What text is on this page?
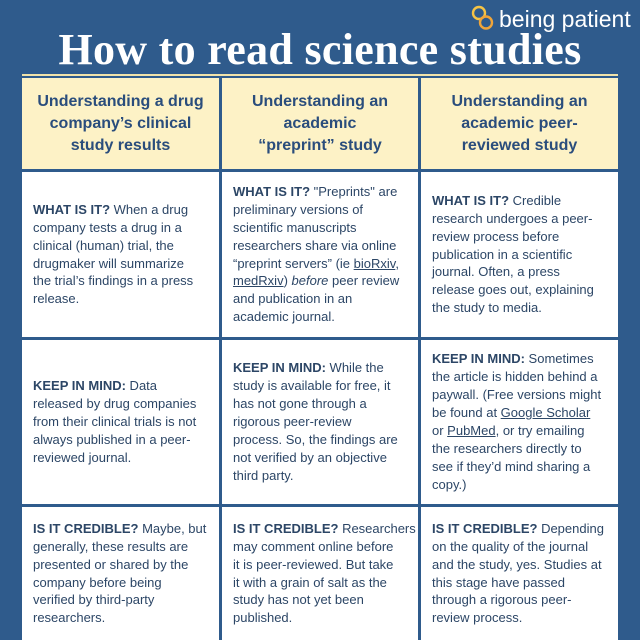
being patient
How to read science studies

Understanding a drug
company’s clinical
study results

Understanding an
academic
“preprint” study

Understanding an
academic peer-
reviewed study

WHAT IS IT? When a drug
company tests a drug in a
clinical (human) trial, the
drugmaker will summarize
the trial’s findings in a press
release.

WHAT IS IT? "Preprints" are
preliminary versions of
scientific manuscripts
researchers share via online
“preprint servers” (ie bioRxiv,
medRxiv) before peer review
and publication in an
academic journal.

WHAT IS IT? Credible
research undergoes a peer-
review process before
publication in a scientific
journal. Often, a press
release goes out, explaining
the study to media.

KEEP IN MIND: Data
released by drug companies
from their clinical trials is not
always published in a peer-
reviewed journal.

KEEP IN MIND: While the
study is available for free, it
has not gone through a
rigorous peer-review
process. So, the findings are
not verified by an objective
third party.

KEEP IN MIND: Sometimes
the article is hidden behind a
paywall. (Free versions might
be found at Google Scholar
or PubMed, or try emailing
the researchers directly to
see if they’d mind sharing a
copy.)

IS IT CREDIBLE? Maybe, but
generally, these results are
presented or shared by the
company before being
verified by third-party
researchers.

IS IT CREDIBLE? Researchers
may comment online before
it is peer-reviewed. But take
it with a grain of salt as the
study has not yet been
published.

IS IT CREDIBLE? Depending
on the quality of the journal
and the study, yes. Studies at
this stage have passed
through a rigorous peer-
review process.
